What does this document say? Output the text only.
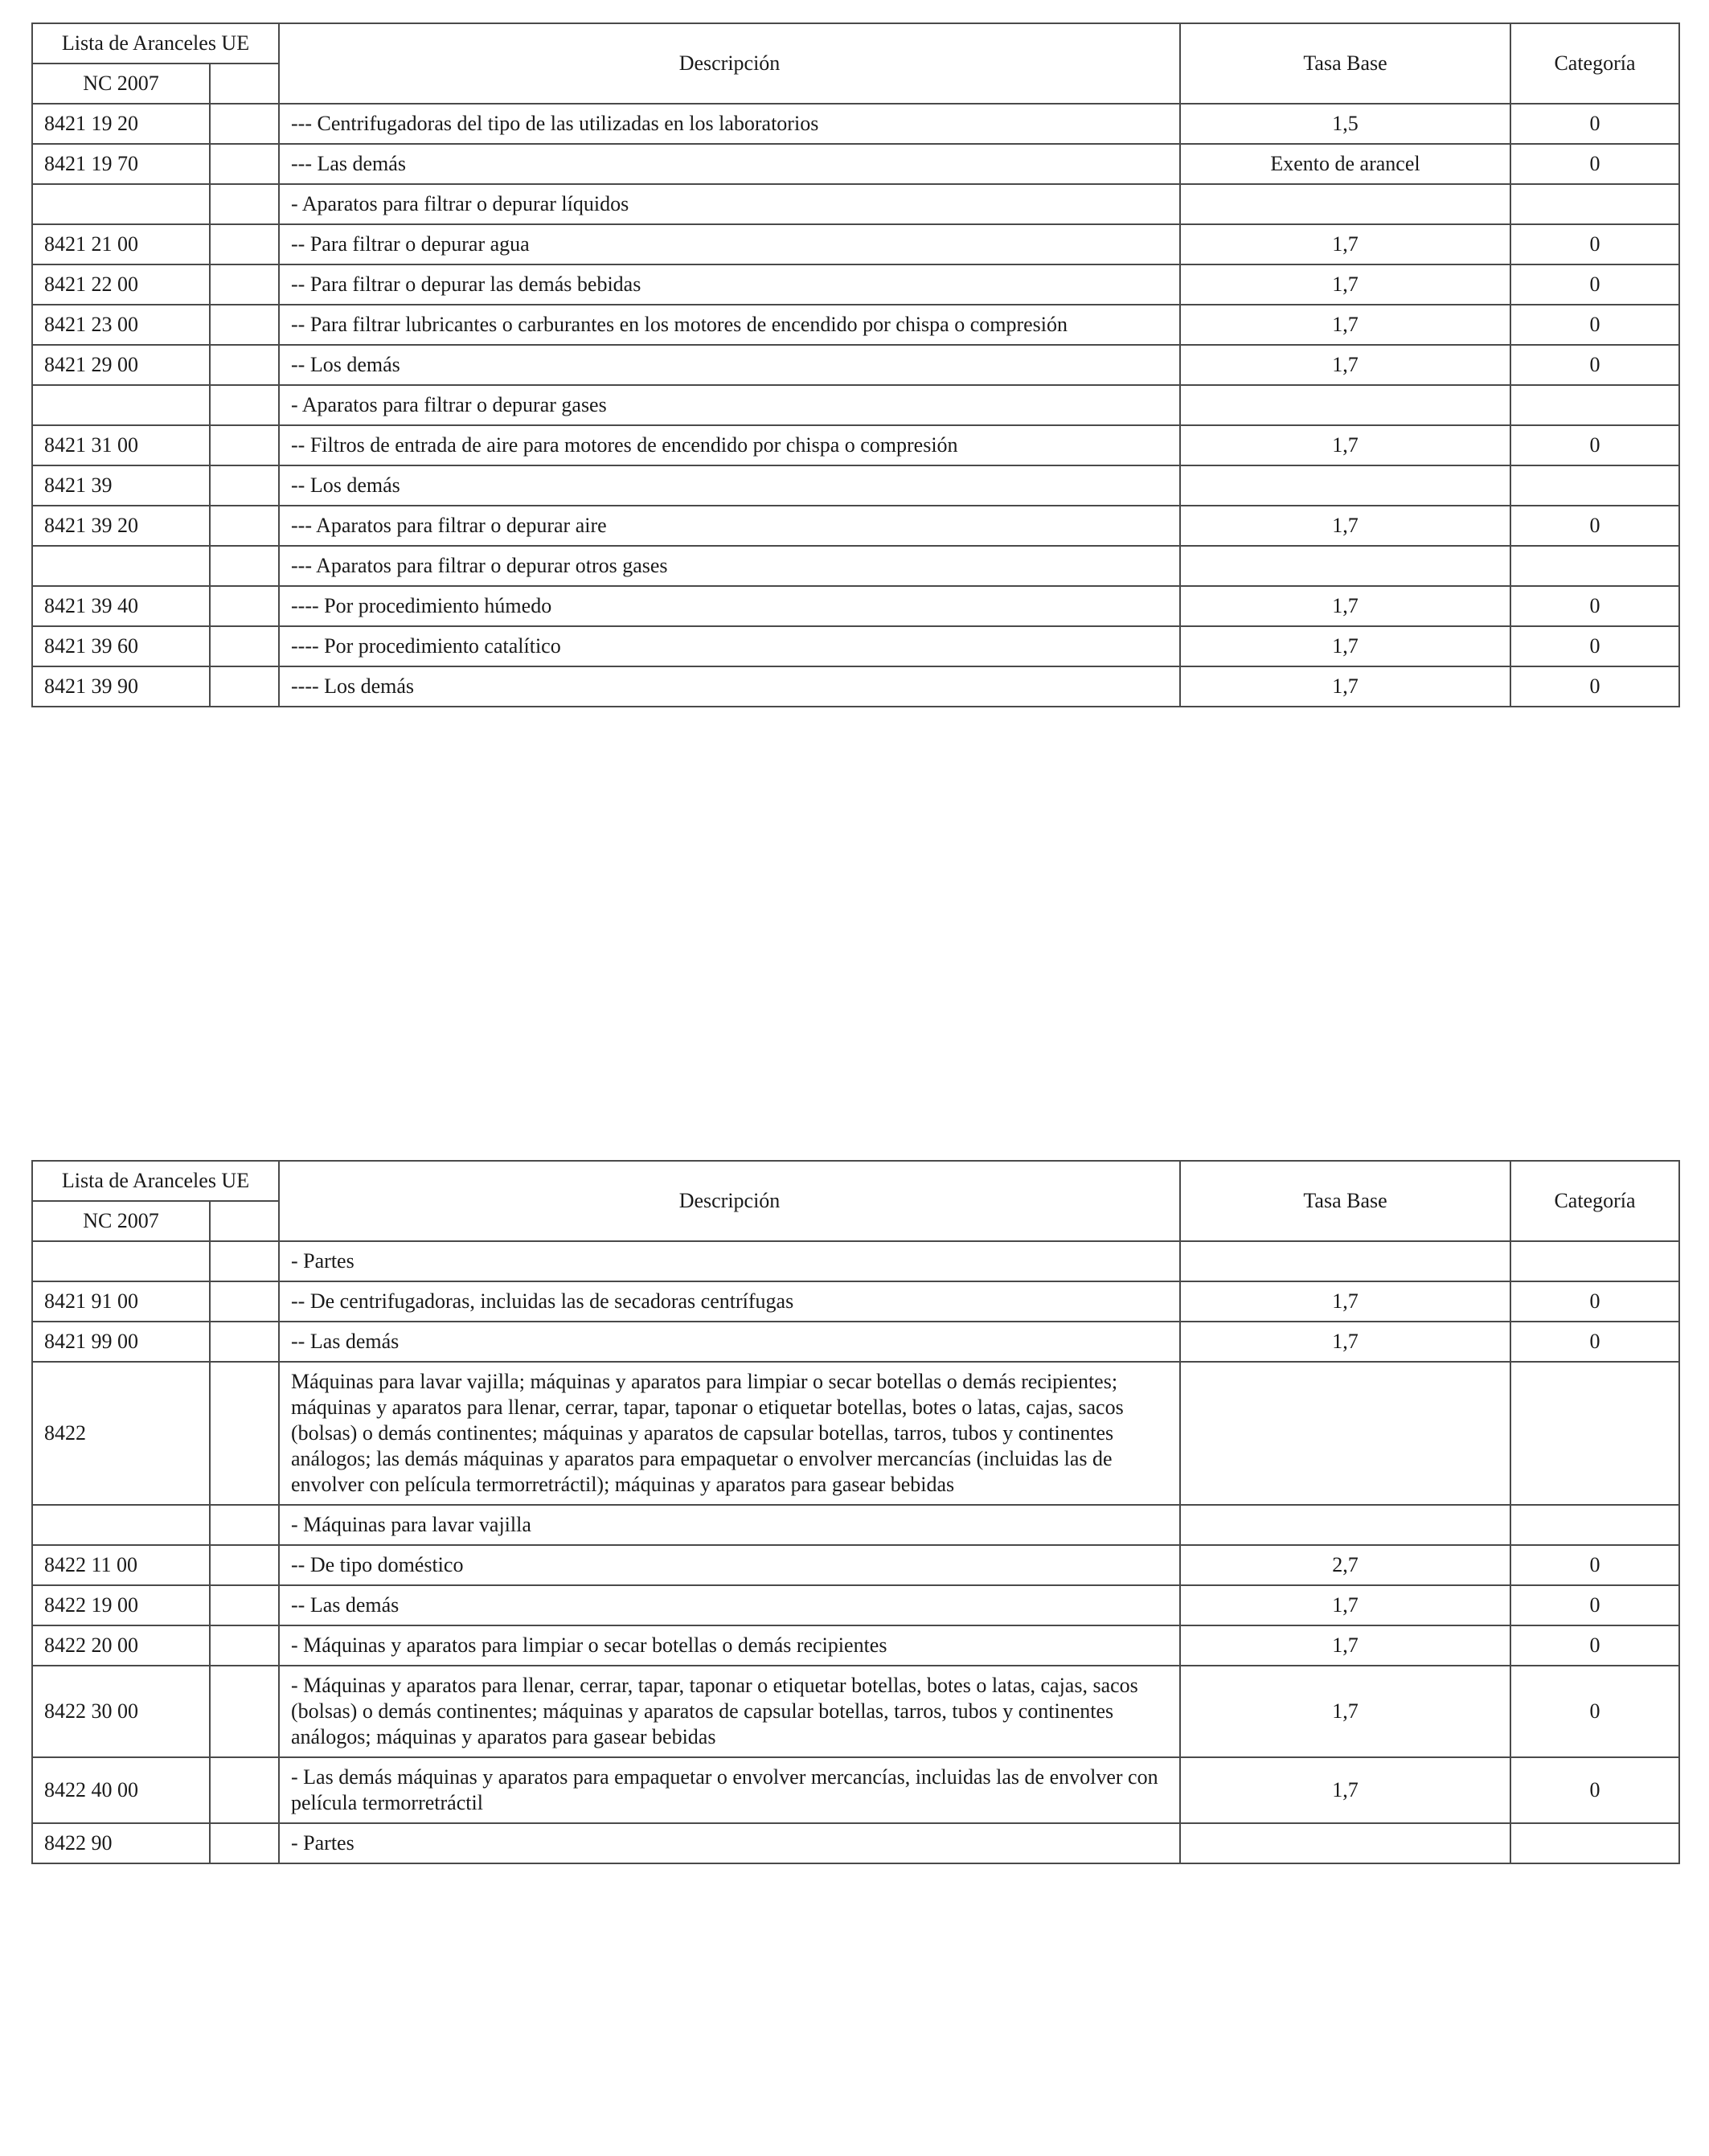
Lista de Aranceles UE		Descripción	Tasa Base	Categoría
NC 2007				
8421 19 20		--- Centrifugadoras del tipo de las utilizadas en los laboratorios	1,5	0
8421 19 70		--- Las demás	Exento de arancel	0
		- Aparatos para filtrar o depurar líquidos		
8421 21 00		-- Para filtrar o depurar agua	1,7	0
8421 22 00		-- Para filtrar o depurar las demás bebidas	1,7	0
8421 23 00		-- Para filtrar lubricantes o carburantes en los motores de encendido por chispa o compresión	1,7	0
8421 29 00		-- Los demás	1,7	0
		- Aparatos para filtrar o depurar gases		
8421 31 00		-- Filtros de entrada de aire para motores de encendido por chispa o compresión	1,7	0
8421 39		-- Los demás		
8421 39 20		--- Aparatos para filtrar o depurar aire	1,7	0
		--- Aparatos para filtrar o depurar otros gases		
8421 39 40		---- Por procedimiento húmedo	1,7	0
8421 39 60		---- Por procedimiento catalítico	1,7	0
8421 39 90		---- Los demás	1,7	0
Lista de Aranceles UE		Descripción	Tasa Base	Categoría
NC 2007				
		- Partes		
8421 91 00		-- De centrifugadoras, incluidas las de secadoras centrífugas	1,7	0
8421 99 00		-- Las demás	1,7	0
8422		Máquinas para lavar vajilla; máquinas y aparatos para limpiar o secar botellas o demás recipientes; máquinas y aparatos para llenar, cerrar, tapar, taponar o etiquetar botellas, botes o latas, cajas, sacos (bolsas) o demás continentes; máquinas y aparatos de capsular botellas, tarros, tubos y continentes análogos; las demás máquinas y aparatos para empaquetar o envolver mercancías (incluidas las de envolver con película termorretráctil); máquinas y aparatos para gasear bebidas		
		- Máquinas para lavar vajilla		
8422 11 00		-- De tipo doméstico	2,7	0
8422 19 00		-- Las demás	1,7	0
8422 20 00		- Máquinas y aparatos para limpiar o secar botellas o demás recipientes	1,7	0
8422 30 00		- Máquinas y aparatos para llenar, cerrar, tapar, taponar o etiquetar botellas, botes o latas, cajas, sacos (bolsas) o demás continentes; máquinas y aparatos de capsular botellas, tarros, tubos y continentes análogos; máquinas y aparatos para gasear bebidas	1,7	0
8422 40 00		- Las demás máquinas y aparatos para empaquetar o envolver mercancías, incluidas las de envolver con película termorretráctil	1,7	0
8422 90		- Partes		
